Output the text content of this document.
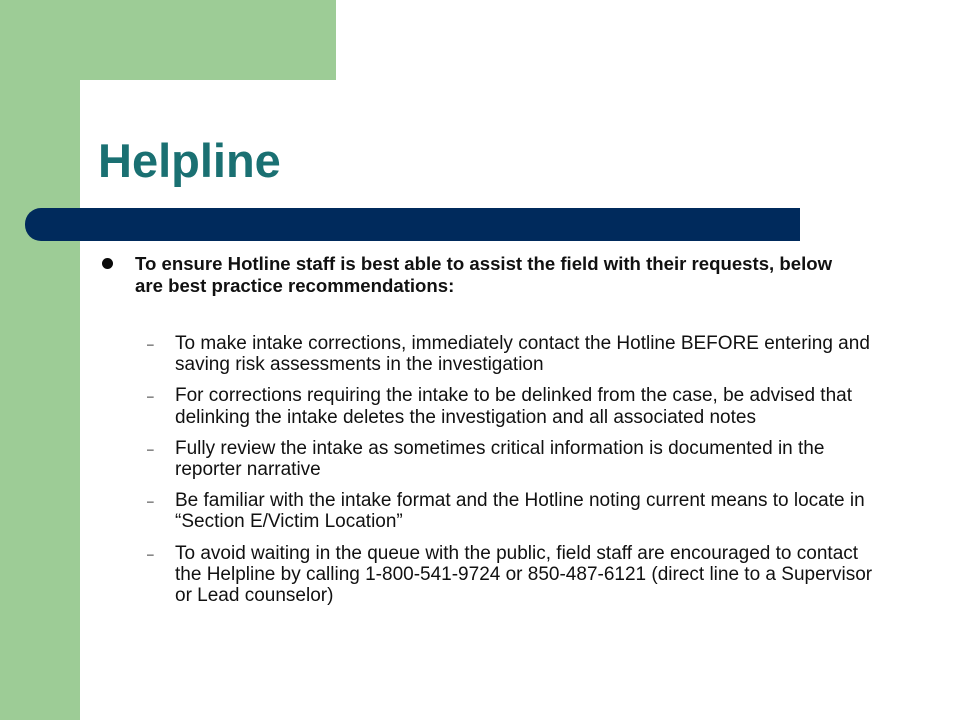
Helpline
To ensure Hotline staff is best able to assist the field with their requests, below are best practice recommendations:
– To make intake corrections, immediately contact the Hotline BEFORE entering and saving risk assessments in the investigation
– For corrections requiring the intake to be delinked from the case, be advised that delinking the intake deletes the investigation and all associated notes
– Fully review the intake as sometimes critical information is documented in the reporter narrative
– Be familiar with the intake format and the Hotline noting current means to locate in “Section E/Victim Location”
– To avoid waiting in the queue with the public, field staff are encouraged to contact the Helpline by calling 1-800-541-9724 or 850-487-6121 (direct line to a Supervisor or Lead counselor)
